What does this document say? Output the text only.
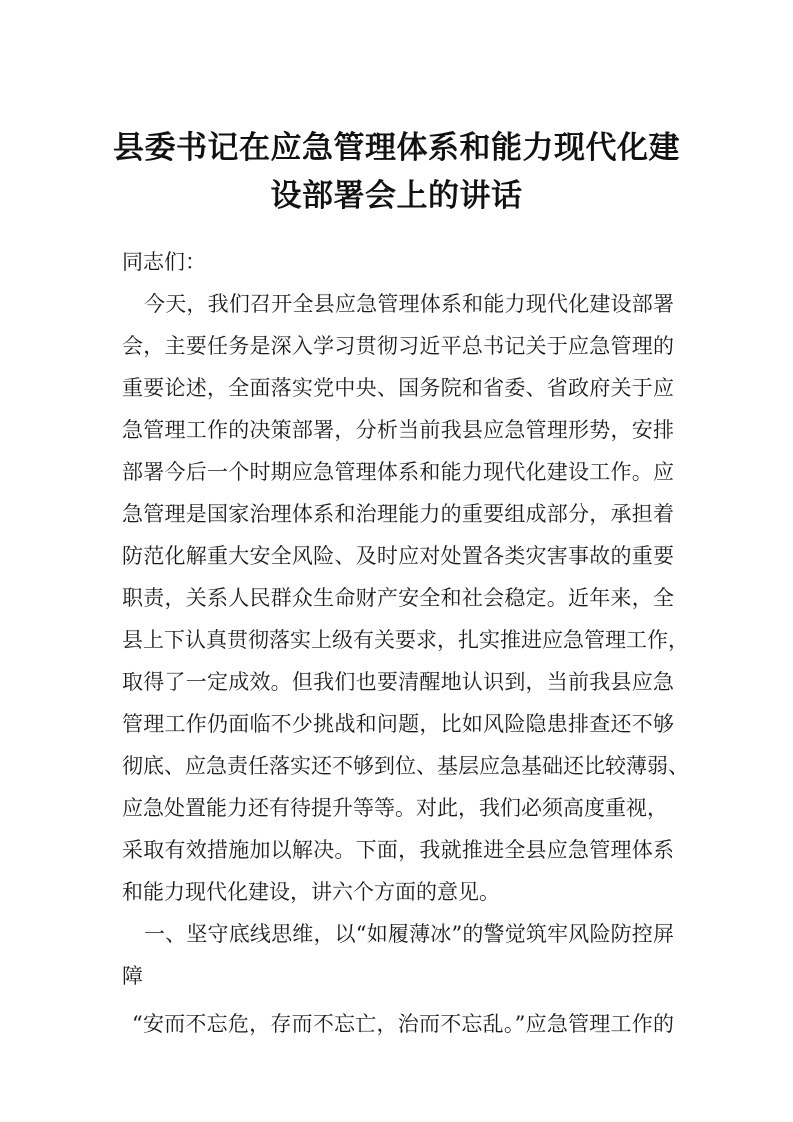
县委书记在应急管理体系和能力现代化建
设部署会上的讲话
同志们：
今天，我们召开全县应急管理体系和能力现代化建设部署
会，主要任务是深入学习贯彻习近平总书记关于应急管理的
重要论述，全面落实党中央、国务院和省委、省政府关于应
急管理工作的决策部署，分析当前我县应急管理形势，安排
部署今后一个时期应急管理体系和能力现代化建设工作。应
急管理是国家治理体系和治理能力的重要组成部分，承担着
防范化解重大安全风险、及时应对处置各类灾害事故的重要
职责，关系人民群众生命财产安全和社会稳定。近年来，全
县上下认真贯彻落实上级有关要求，扎实推进应急管理工作，
取得了一定成效。但我们也要清醒地认识到，当前我县应急
管理工作仍面临不少挑战和问题，比如风险隐患排查还不够
彻底、应急责任落实还不够到位、基层应急基础还比较薄弱、
应急处置能力还有待提升等等。对此，我们必须高度重视，
采取有效措施加以解决。下面，我就推进全县应急管理体系
和能力现代化建设，讲六个方面的意见。
一、坚守底线思维，以“如履薄冰”的警觉筑牢风险防控屏
障
“安而不忘危，存而不忘亡，治而不忘乱。”应急管理工作的
